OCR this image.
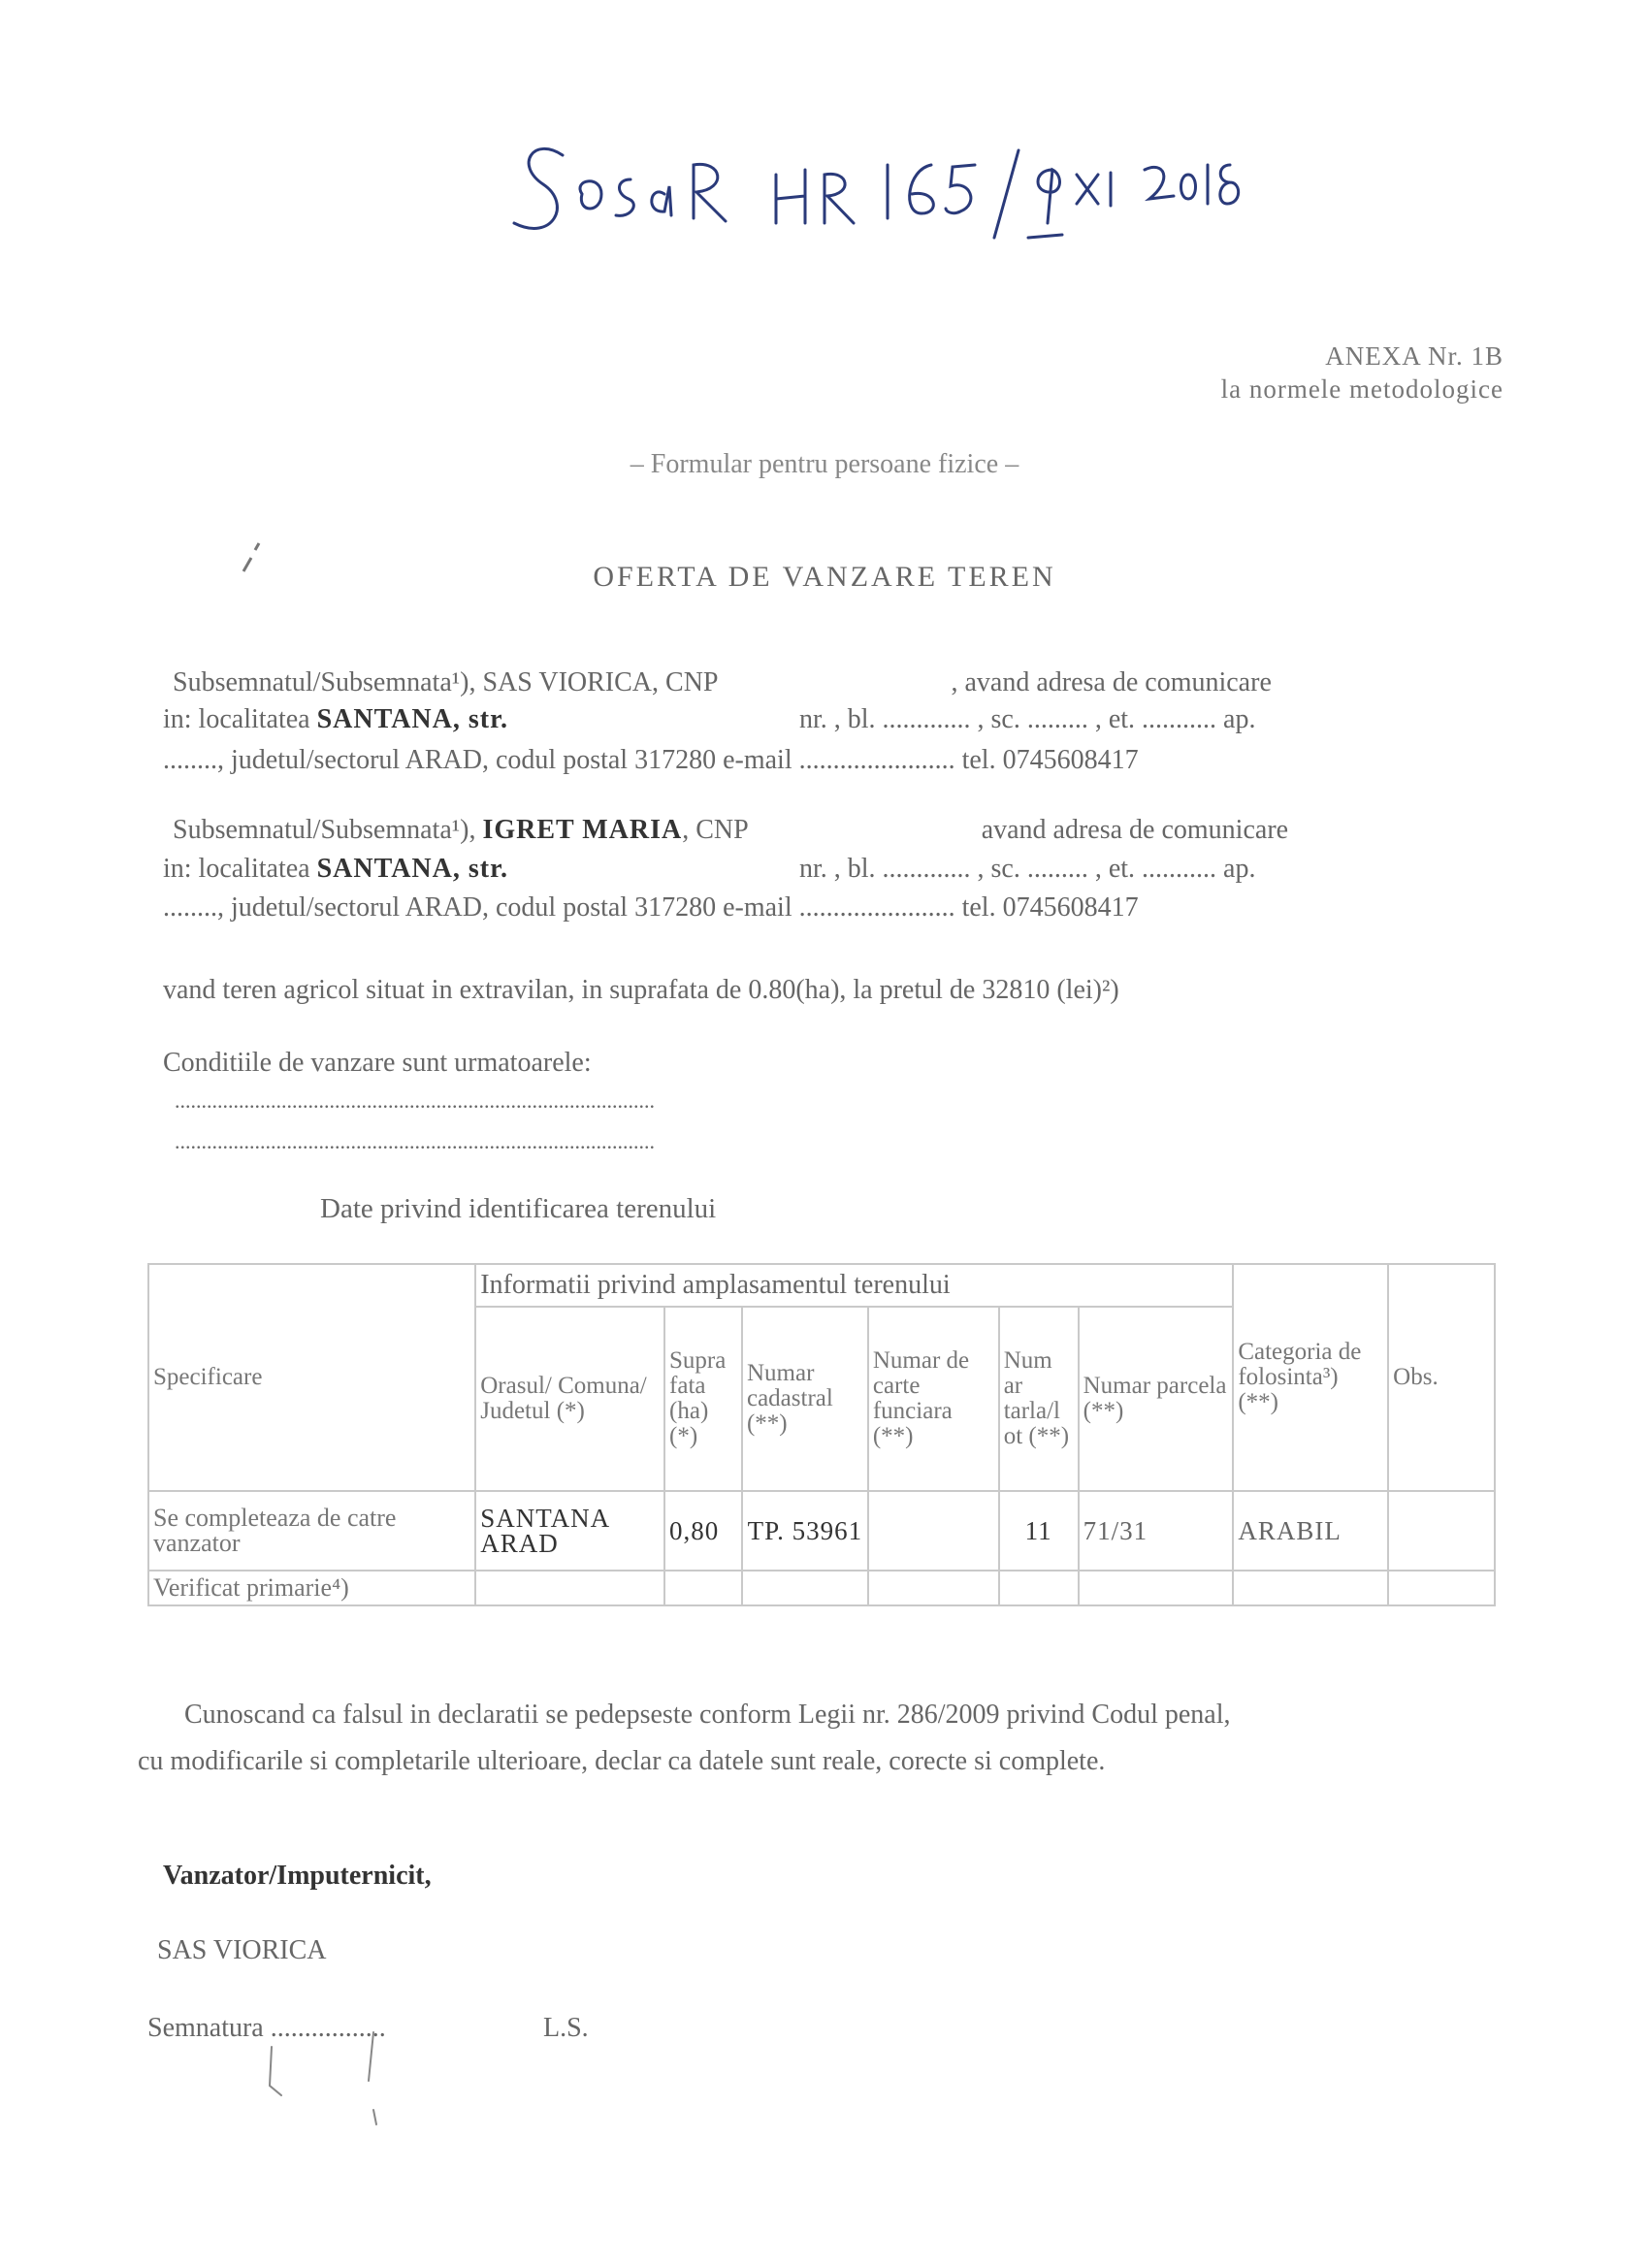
ANEXA Nr. 1B
la normele metodologice
– Formular pentru persoane fizice –
OFERTA DE VANZARE TEREN
Subsemnatul/Subsemnata¹), SAS VIORICA, CNP	, avand adresa de comunicare
in: localitatea SANTANA, str.	nr. , bl. ............. , sc. ......... , et. ........... ap.
........, judetul/sectorul ARAD, codul postal 317280 e-mail ....................... tel. 0745608417
Subsemnatul/Subsemnata¹), IGRET MARIA, CNP	avand adresa de comunicare
in: localitatea SANTANA, str.	nr. , bl. ............. , sc. ......... , et. ........... ap.
........, judetul/sectorul ARAD, codul postal 317280 e-mail ....................... tel. 0745608417
vand teren agricol situat in extravilan, in suprafata de 0.80(ha), la pretul de 32810 (lei)²)
Conditiile de vanzare sunt urmatoarele:
..........................................................................................
..........................................................................................
Date privind identificarea terenului
Specificare	Informatii privind amplasamentul terenului						Categoria de folosinta³) (**)	Obs.
	Orasul/ Comuna/ Judetul (*)	Supra fata (ha) (*)	Numar cadastral (**)	Numar de carte funciara (**)	Num ar tarla/l ot (**)	Numar parcela (**)		
Se completeaza de catre vanzator	SANTANA ARAD	0,80	TP. 53961		11	71/31	ARABIL	
Verificat primarie⁴)								
Cunoscand ca falsul in declaratii se pedepseste conform Legii nr. 286/2009 privind Codul penal,
cu modificarile si completarile ulterioare, declar ca datele sunt reale, corecte si complete.
Vanzator/Imputernicit,
SAS VIORICA
Semnatura .................	L.S.
